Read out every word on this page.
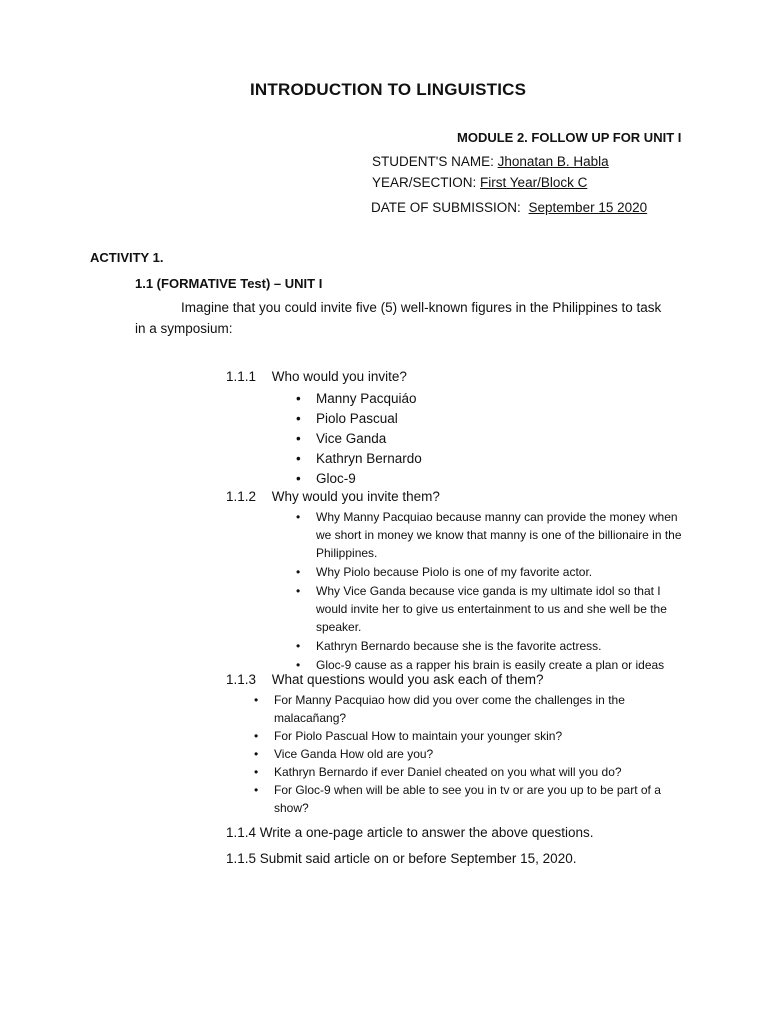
INTRODUCTION TO LINGUISTICS
MODULE 2. FOLLOW UP FOR UNIT I
STUDENT'S NAME: Jhonatan B. Habla
YEAR/SECTION: First Year/Block C
DATE OF SUBMISSION: September 15 2020
ACTIVITY 1.
1.1 (FORMATIVE Test) – UNIT I
Imagine that you could invite five (5) well-known figures in the Philippines to task
in a symposium:
1.1.1 Who would you invite?
• Manny Pacquiáo
• Piolo Pascual
• Vice Ganda
• Kathryn Bernardo
• Gloc-9
1.1.2 Why would you invite them?
• Why Manny Pacquiao because manny can provide the money when we short in money we know that manny is one of the billionaire in the Philippines.
• Why Piolo because Piolo is one of my favorite actor.
• Why Vice Ganda because vice ganda is my ultimate idol so that I would invite her to give us entertainment to us and she well be the speaker.
• Kathryn Bernardo because she is the favorite actress.
• Gloc-9 cause as a rapper his brain is easily create a plan or ideas
1.1.3 What questions would you ask each of them?
• For Manny Pacquiao how did you over come the challenges in the malacañang?
• For Piolo Pascual How to maintain your younger skin?
• Vice Ganda How old are you?
• Kathryn Bernardo if ever Daniel cheated on you what will you do?
• For Gloc-9 when will be able to see you in tv or are you up to be part of a show?
1.1.4 Write a one-page article to answer the above questions.
1.1.5 Submit said article on or before September 15, 2020.
